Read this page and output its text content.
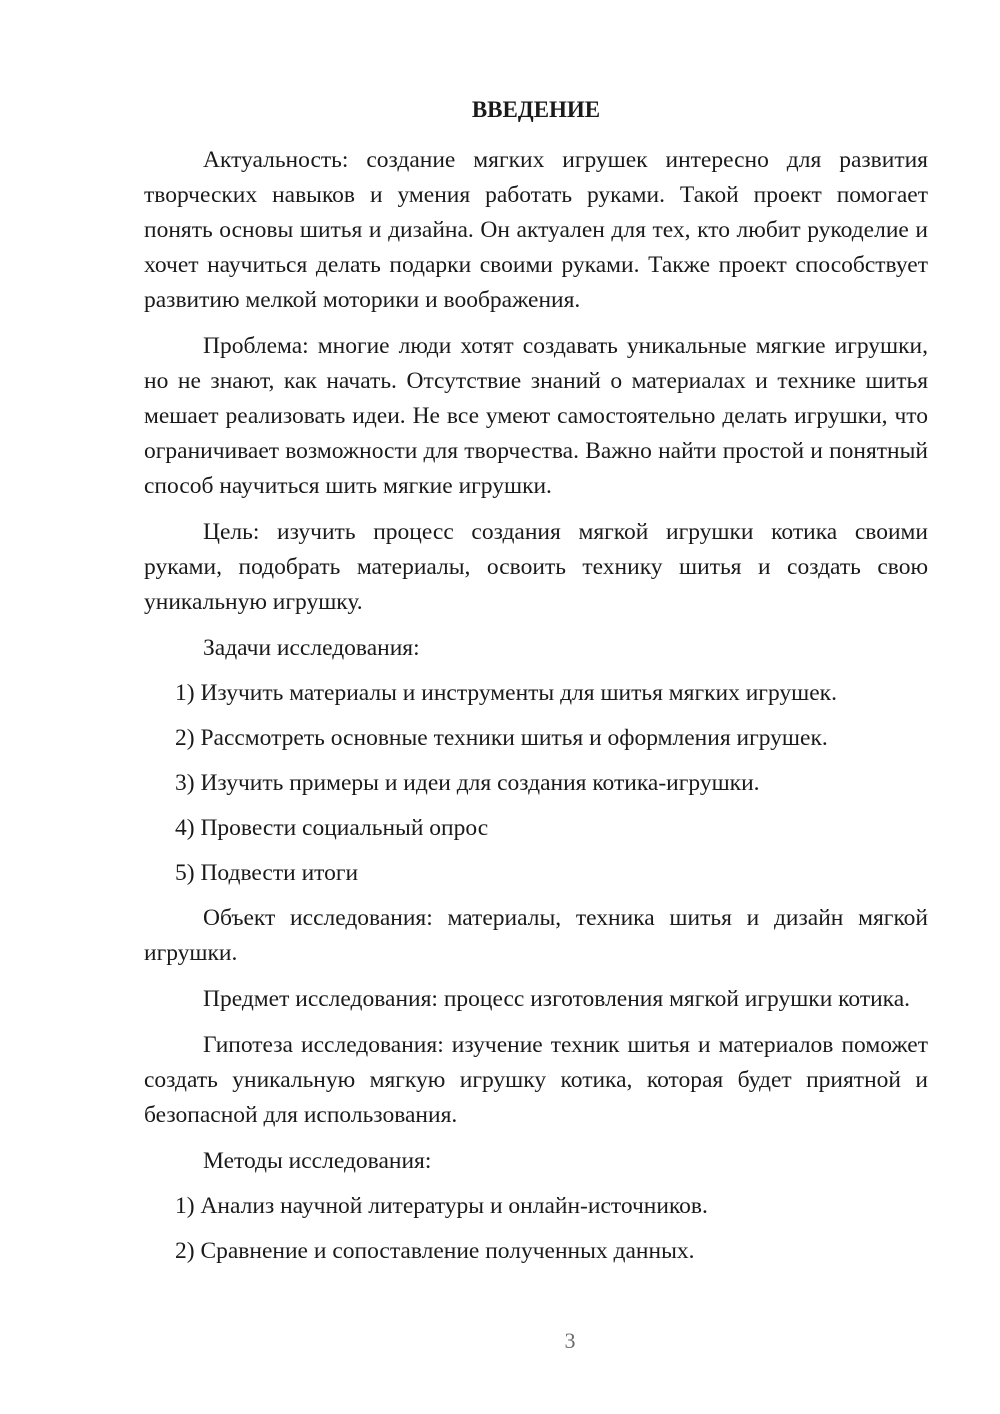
ВВЕДЕНИЕ

Актуальность: создание мягких игрушек интересно для развития творческих навыков и умения работать руками. Такой проект помогает понять основы шитья и дизайна. Он актуален для тех, кто любит рукоделие и хочет научиться делать подарки своими руками. Также проект способствует развитию мелкой моторики и воображения.

Проблема: многие люди хотят создавать уникальные мягкие игрушки, но не знают, как начать. Отсутствие знаний о материалах и технике шитья мешает реализовать идеи. Не все умеют самостоятельно делать игрушки, что ограничивает возможности для творчества. Важно найти простой и понятный способ научиться шить мягкие игрушки.

Цель: изучить процесс создания мягкой игрушки котика своими руками, подобрать материалы, освоить технику шитья и создать свою уникальную игрушку.

Задачи исследования:
1) Изучить материалы и инструменты для шитья мягких игрушек.
2) Рассмотреть основные техники шитья и оформления игрушек.
3) Изучить примеры и идеи для создания котика-игрушки.
4) Провести социальный опрос
5) Подвести итоги

Объект исследования: материалы, техника шитья и дизайн мягкой игрушки.

Предмет исследования: процесс изготовления мягкой игрушки котика.

Гипотеза исследования: изучение техник шитья и материалов поможет создать уникальную мягкую игрушку котика, которая будет приятной и безопасной для использования.

Методы исследования:
1) Анализ научной литературы и онлайн-источников.
2) Сравнение и сопоставление полученных данных.
3
